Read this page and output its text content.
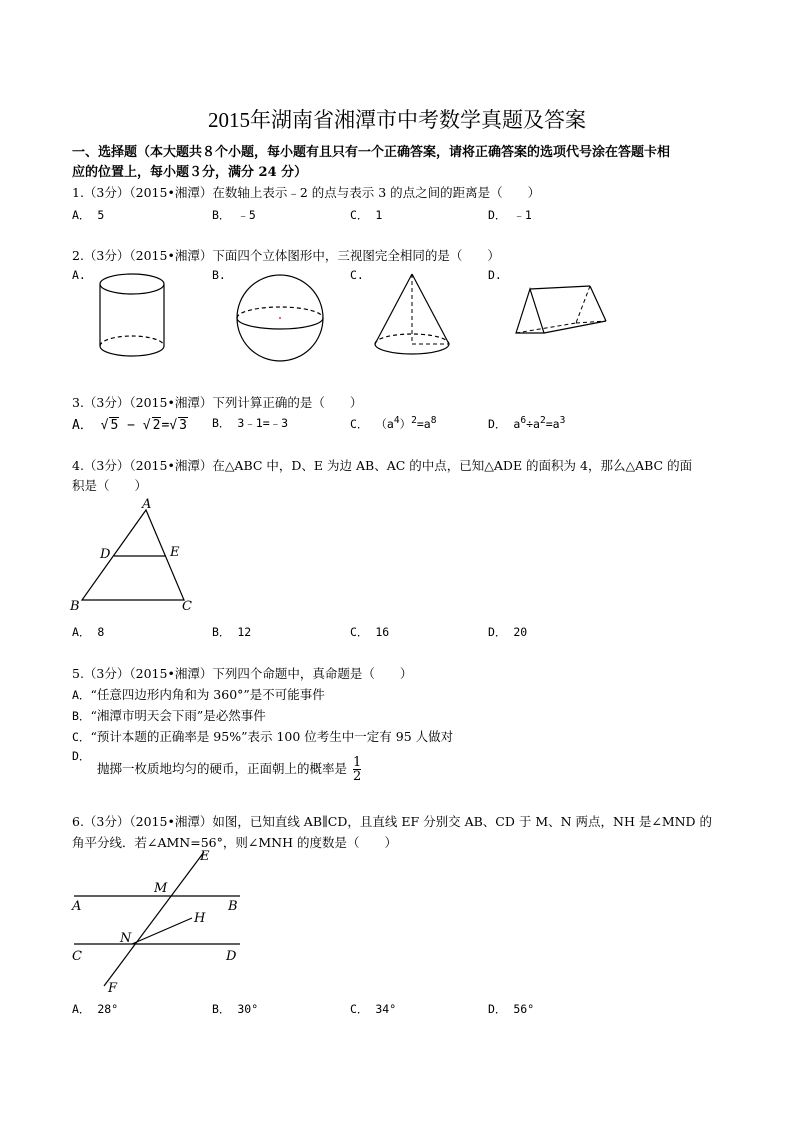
2015年湖南省湘潭市中考数学真题及答案
一、选择题（本大题共８个小题，每小题有且只有一个正确答案，请将正确答案的选项代号涂在答题卡相
应的位置上，每小题３分，满分 24 分）
1.（3分）（2015•湘潭）在数轴上表示﹣2 的点与表示 3 的点之间的距离是（　　）
A． 5	B． ﹣5	C． 1	D． ﹣1
2.（3分）（2015•湘潭）下面四个立体图形中，三视图完全相同的是（　　）
A.	B.	C.	D.
3.（3分）（2015•湘潭）下列计算正确的是（　　）
A． √ 5 − √ 2=√ 3 B． 3﹣1=﹣3	C． $(a^4)^2=a^8$	D． $a^6\div a^2=a^3$
4.（3分）（2015•湘潭）在△ABC 中，D、E 为边 AB、AC 的中点，已知△ADE 的面积为 4，那么△ABC 的面
积是（　　）
A
D	E
B	C
A． 8	B． 12	C． 16	D． 20
5.（3分）（2015•湘潭）下列四个命题中，真命题是（　　）
A．“任意四边形内角和为 360°”是不可能事件
B．“湘潭市明天会下雨”是必然事件
C．“预计本题的正确率是 95%”表示 100 位考生中一定有 95 人做对
D．
抛掷一枚质地均匀的硬币，正面朝上的概率是 $\frac{1}{2}$
6.（3分）（2015•湘潭）如图，已知直线 AB∥CD，且直线 EF 分别交 AB、CD 于 M、N 两点，NH 是∠MND 的
角平分线．若∠AMN=56°，则∠MNH 的度数是（　　）
E
M
A	B
H
N
C	D
F
A． 28°	B． 30°	C． 34°	D． 56°
